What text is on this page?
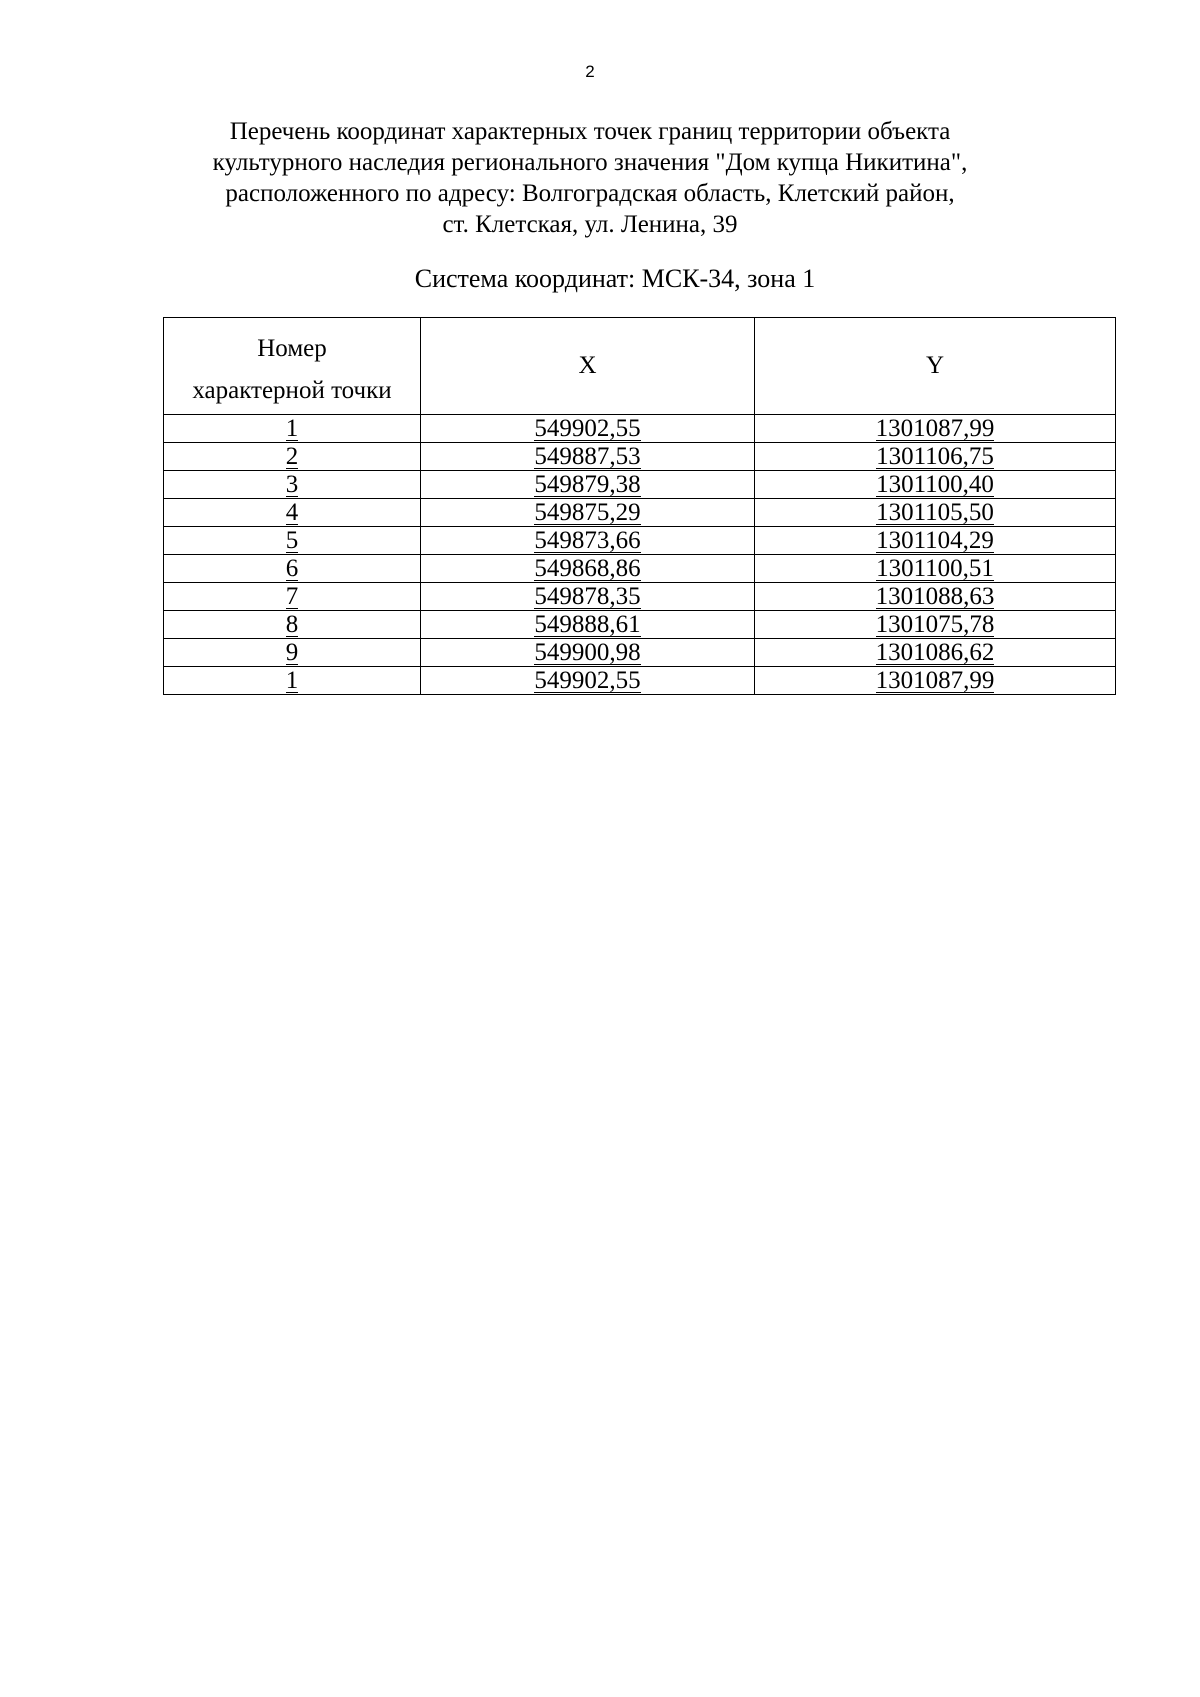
2
Перечень координат характерных точек границ территории объекта
культурного наследия регионального значения "Дом купца Никитина",
расположенного по адресу: Волгоградская область, Клетский район,
ст. Клетская, ул. Ленина, 39
Система координат: МСК-34, зона 1
Номер
характерной точки	X	Y
1	549902,55	1301087,99
2	549887,53	1301106,75
3	549879,38	1301100,40
4	549875,29	1301105,50
5	549873,66	1301104,29
6	549868,86	1301100,51
7	549878,35	1301088,63
8	549888,61	1301075,78
9	549900,98	1301086,62
1	549902,55	1301087,99
